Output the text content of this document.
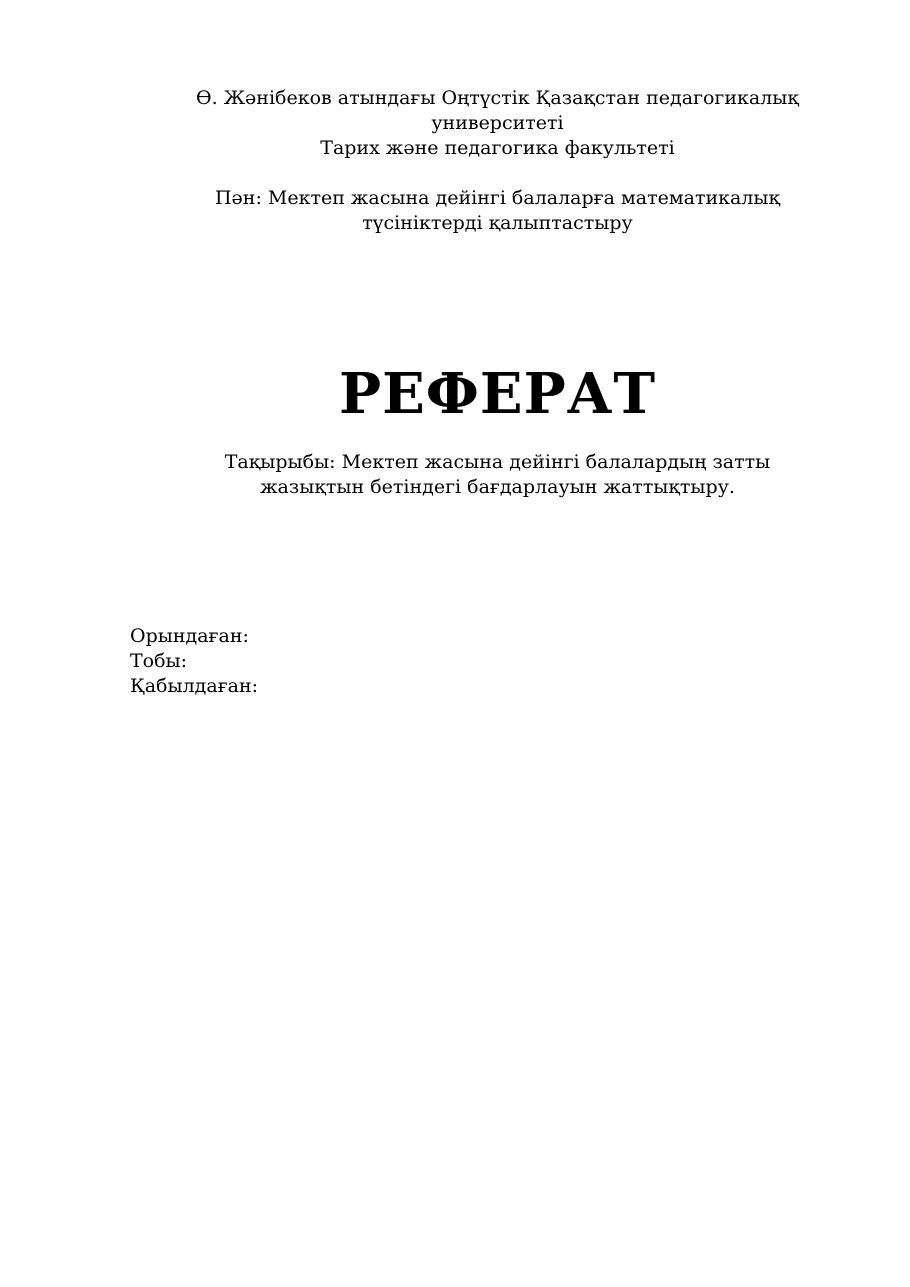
Ө. Жәнібеков атындағы Оңтүстік Қазақстан педагогикалық

университеті

Тарих және педагогика факультеті

Пән: Мектеп жасына дейінгі балаларға математикалық

түсініктерді қалыптастыру

РЕФЕРАТ

Тақырыбы: Мектеп жасына дейінгі балалардың затты

жазықтын бетіндегі бағдарлауын жаттықтыру.

Орындаған:
Тобы:
Қабылдаған:
